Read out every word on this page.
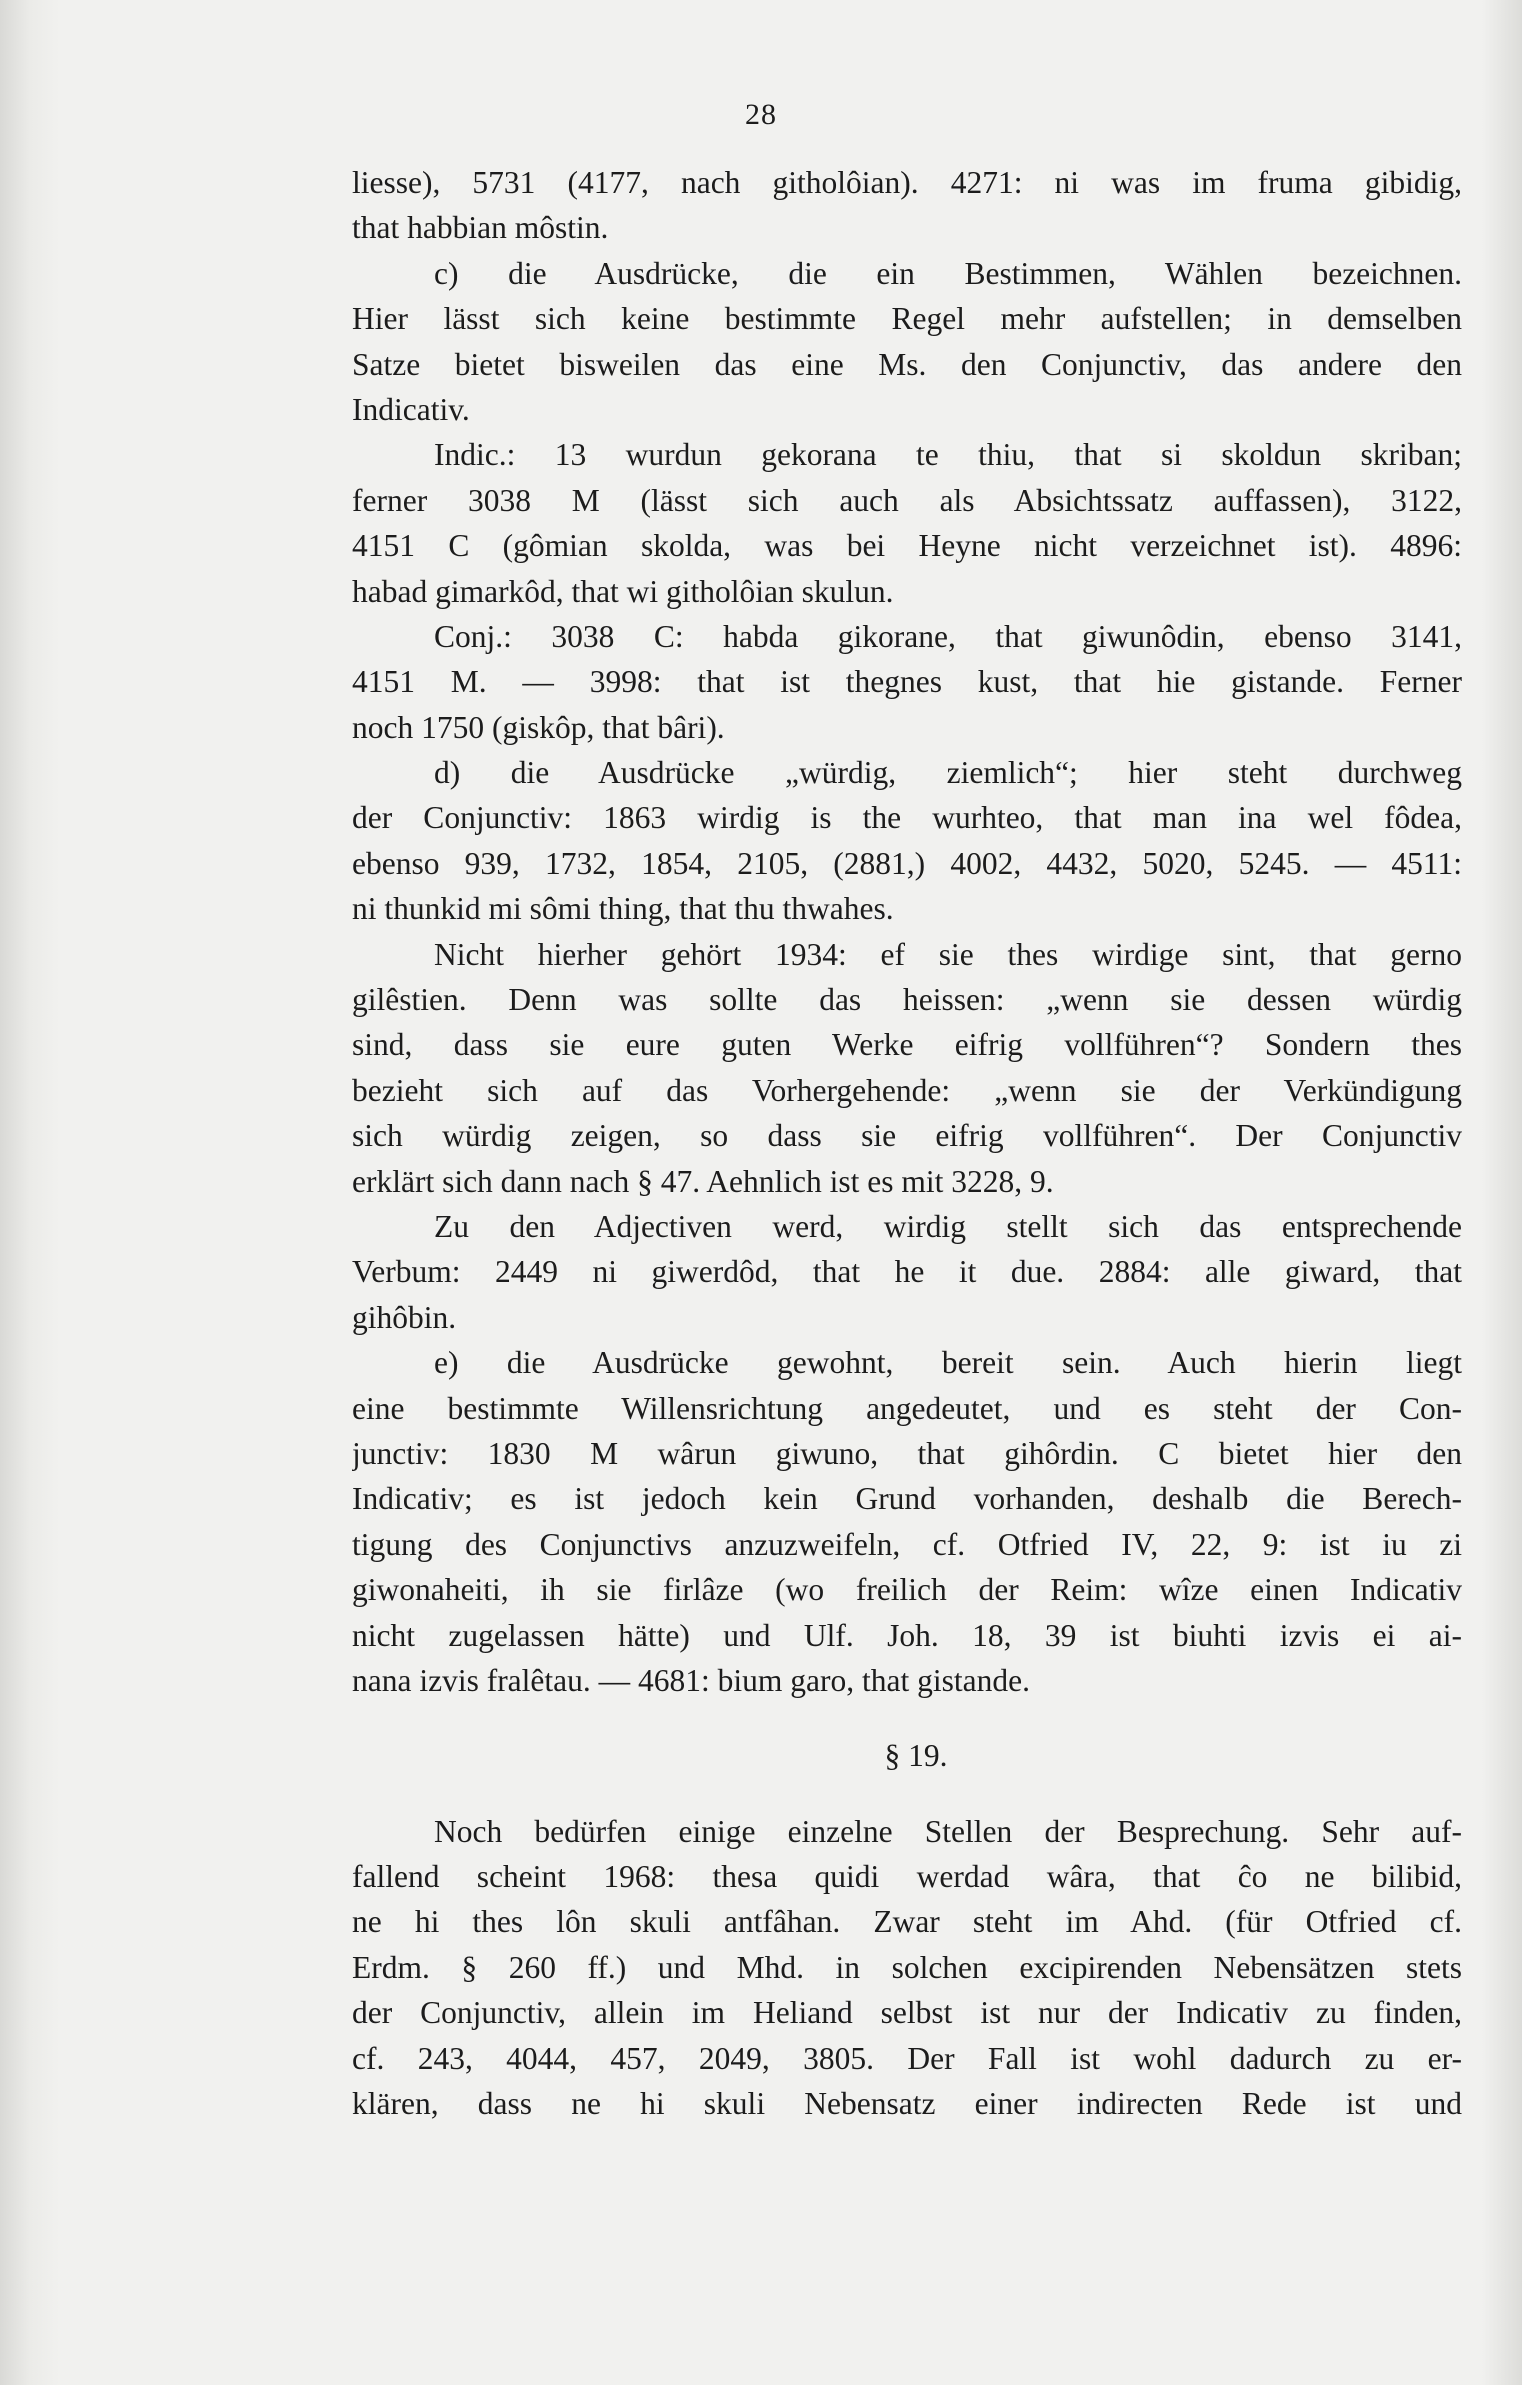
28
liesse), 5731 (4177, nach githolôian). 4271: ni was im fruma gibidig,
that habbian môstin.
c) die Ausdrücke, die ein Bestimmen, Wählen bezeichnen.
Hier lässt sich keine bestimmte Regel mehr aufstellen; in demselben
Satze bietet bisweilen das eine Ms. den Conjunctiv, das andere den
Indicativ.
Indic.: 13 wurdun gekorana te thiu, that si skoldun skriban;
ferner 3038 M (lässt sich auch als Absichtssatz auffassen), 3122,
4151 C (gômian skolda, was bei Heyne nicht verzeichnet ist). 4896:
habad gimarkôd, that wi githolôian skulun.
Conj.: 3038 C: habda gikorane, that giwunôdin, ebenso 3141,
4151 M. — 3998: that ist thegnes kust, that hie gistande. Ferner
noch 1750 (giskôp, that bâri).
d) die Ausdrücke „würdig, ziemlich“; hier steht durchweg
der Conjunctiv: 1863 wirdig is the wurhteo, that man ina wel fôdea,
ebenso 939, 1732, 1854, 2105, (2881,) 4002, 4432, 5020, 5245. — 4511:
ni thunkid mi sômi thing, that thu thwahes.
Nicht hierher gehört 1934: ef sie thes wirdige sint, that gerno
gilêstien. Denn was sollte das heissen: „wenn sie dessen würdig
sind, dass sie eure guten Werke eifrig vollführen“? Sondern thes
bezieht sich auf das Vorhergehende: „wenn sie der Verkündigung
sich würdig zeigen, so dass sie eifrig vollführen“. Der Conjunctiv
erklärt sich dann nach § 47. Aehnlich ist es mit 3228, 9.
Zu den Adjectiven werd, wirdig stellt sich das entsprechende
Verbum: 2449 ni giwerdôd, that he it due. 2884: alle giward, that
gihôbin.
e) die Ausdrücke gewohnt, bereit sein. Auch hierin liegt
eine bestimmte Willensrichtung angedeutet, und es steht der Con-
junctiv: 1830 M wârun giwuno, that gihôrdin. C bietet hier den
Indicativ; es ist jedoch kein Grund vorhanden, deshalb die Berech-
tigung des Conjunctivs anzuzweifeln, cf. Otfried IV, 22, 9: ist iu zi
giwonaheiti, ih sie firlâze (wo freilich der Reim: wîze einen Indicativ
nicht zugelassen hätte) und Ulf. Joh. 18, 39 ist biuhti izvis ei ai-
nana izvis fralêtau. — 4681: bium garo, that gistande.
§ 19.
Noch bedürfen einige einzelne Stellen der Besprechung. Sehr auf-
fallend scheint 1968: thesa quidi werdad wâra, that ĉo ne bilibid,
ne hi thes lôn skuli antfâhan. Zwar steht im Ahd. (für Otfried cf.
Erdm. § 260 ff.) und Mhd. in solchen excipirenden Nebensätzen stets
der Conjunctiv, allein im Heliand selbst ist nur der Indicativ zu finden,
cf. 243, 4044, 457, 2049, 3805. Der Fall ist wohl dadurch zu er-
klären, dass ne hi skuli Nebensatz einer indirecten Rede ist und
